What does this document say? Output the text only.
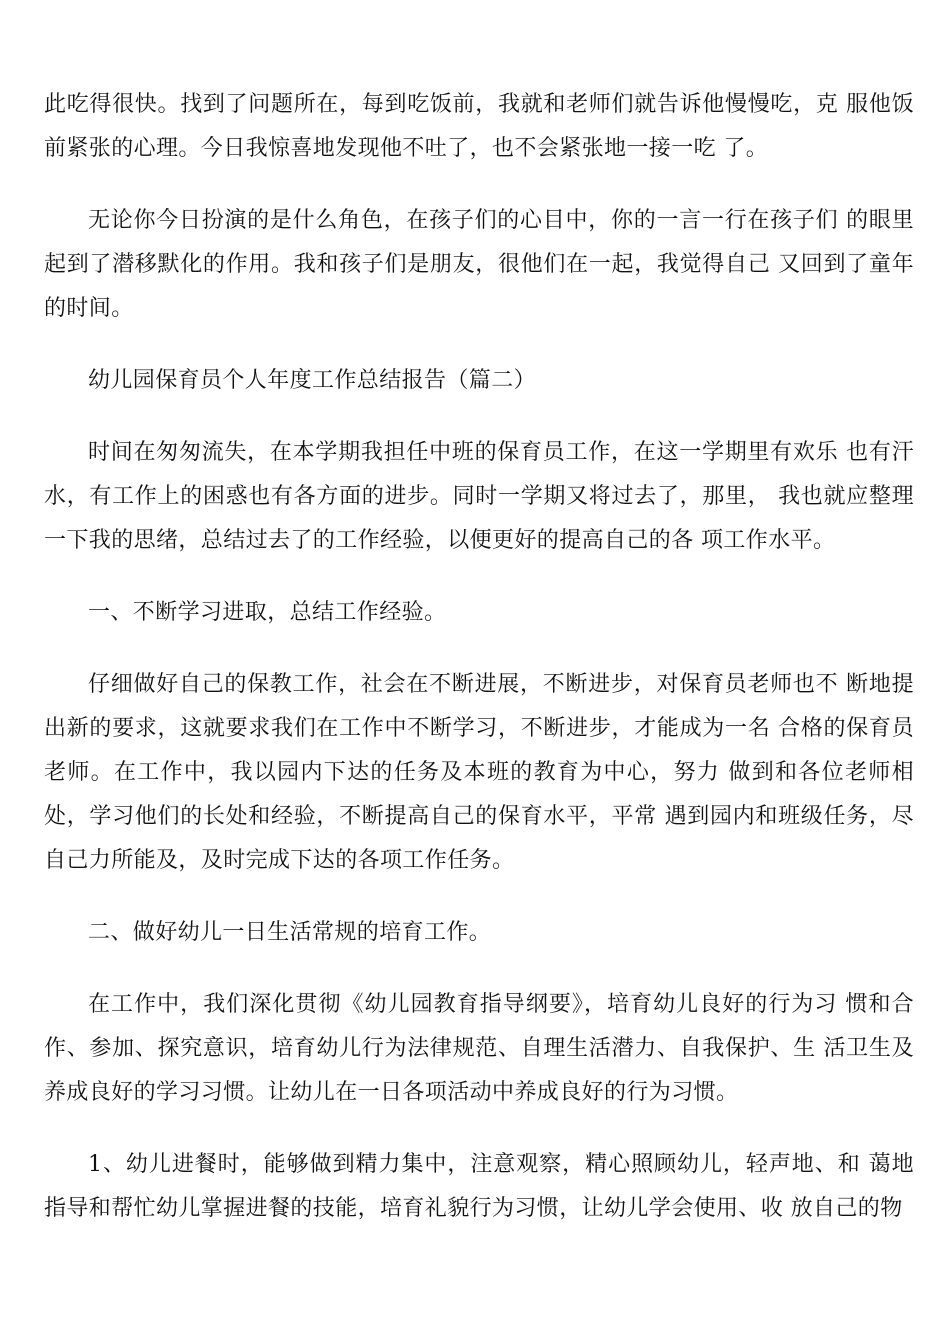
此吃得很快。找到了问题所在，每到吃饭前，我就和老师们就告诉他慢慢吃，克 服他饭前紧张的心理。今日我惊喜地发现他不吐了，也不会紧张地一接一吃 了。

无论你今日扮演的是什么角色，在孩子们的心目中，你的一言一行在孩子们 的眼里起到了潜移默化的作用。我和孩子们是朋友，很他们在一起，我觉得自己 又回到了童年的时间。

幼儿园保育员个人年度工作总结报告（篇二）

时间在匆匆流失，在本学期我担任中班的保育员工作，在这一学期里有欢乐 也有汗水，有工作上的困惑也有各方面的进步。同时一学期又将过去了，那里， 我也就应整理一下我的思绪，总结过去了的工作经验，以便更好的提高自己的各 项工作水平。

一、不断学习进取，总结工作经验。

仔细做好自己的保教工作，社会在不断进展，不断进步，对保育员老师也不 断地提出新的要求，这就要求我们在工作中不断学习，不断进步，才能成为一名 合格的保育员老师。在工作中，我以园内下达的任务及本班的教育为中心，努力 做到和各位老师相处，学习他们的长处和经验，不断提高自己的保育水平，平常 遇到园内和班级任务，尽自己力所能及，及时完成下达的各项工作任务。

二、做好幼儿一日生活常规的培育工作。

在工作中，我们深化贯彻《幼儿园教育指导纲要》，培育幼儿良好的行为习 惯和合作、参加、探究意识，培育幼儿行为法律规范、自理生活潜力、自我保护、生 活卫生及养成良好的学习习惯。让幼儿在一日各项活动中养成良好的行为习惯。

1、幼儿进餐时，能够做到精力集中，注意观察，精心照顾幼儿，轻声地、和 蔼地指导和帮忙幼儿掌握进餐的技能，培育礼貌行为习惯，让幼儿学会使用、收 放自己的物
